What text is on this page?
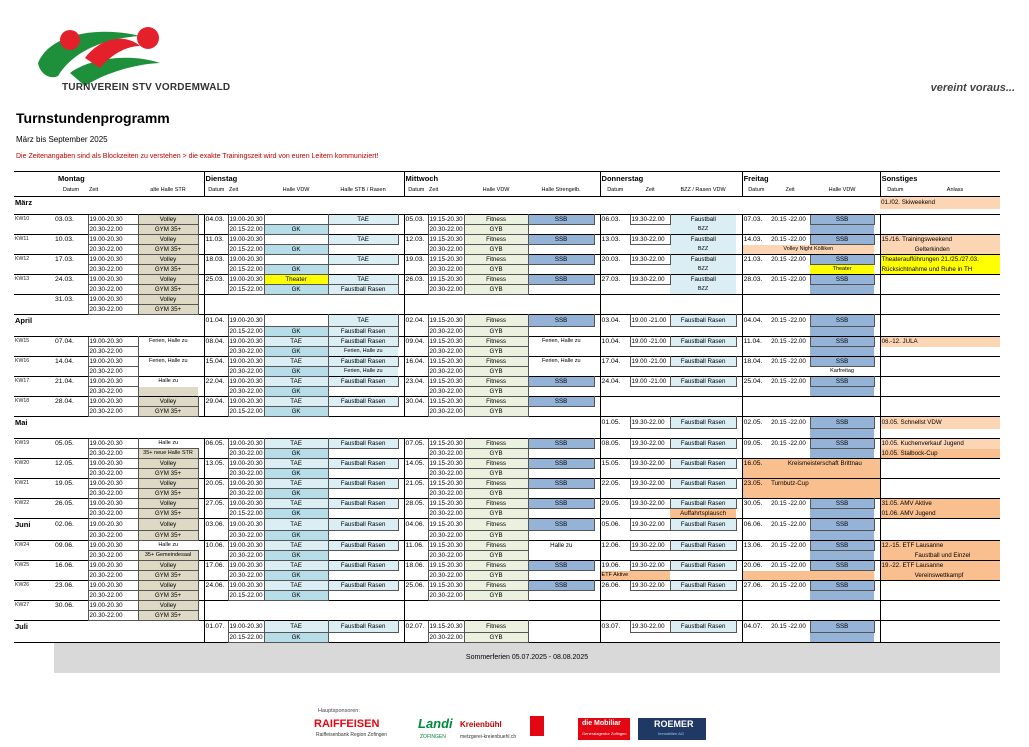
TURNVEREIN STV VORDEMWALD	vereint voraus...
Turnstundenprogramm
März bis September 2025
Die Zeitenangaben sind als Blockzeiten zu verstehen > die exakte Trainingszeit wird von euren Leitern kommuniziert!
Montag					Dienstag					Mittwoch					Donnerstag				Freitag				Sonstiges	
	Datum	Zeit	alte Halle STR		Datum	Zeit	Halle VDW	Halle STB / Rasen		Datum	Zeit	Halle VDW	Halle Strengelb.		Datum	Zeit	BZZ / Rasen VDW		Datum	Zeit	Halle VDW		Datum	Anlass
März																							01./02. Skiweekend	

KW10	03.03.	19.00-20.30	Volley		04.03.	19.00-20.30		TAE		05.03.	19.15-20.30	Fitness	SSB		06.03.	19.30-22.00	Faustball		07.03.	20.15 -22.00	SSB			
		20.30-22.00	GYM 35+			20.15-22.00	GK				20.30-22.00	GYB					BZZ							
KW11	10.03.	19.00-20.30	Volley		11.03.	19.00-20.30		TAE		12.03.	19.15-20.30	Fitness	SSB		13.03.	19.30-22.00	Faustball		14.03.	20.15 -22.00	SSB		15./16. Trainingsweekend	
		20.30-22.00	GYM 35+			20.15-22.00	GK				20.30-22.00	GYB					BZZ		Volley Night Kölliken				Gelterkinden	
KW12	17.03.	19.00-20.30	Volley		18.03.	19.00-20.30		TAE		19.03.	19.15-20.30	Fitness	SSB		20.03.	19.30-22.00	Faustball		21.03.	20.15 -22.00	SSB		Theateraufführungen 21./25./27.03.	
		20.30-22.00	GYM 35+			20.15-22.00	GK				20.30-22.00	GYB					BZZ				Theater		Rücksichtnahme und Ruhe in TH	
KW13	24.03.	19.00-20.30	Volley		25.03.	19.00-20.30	Theater	TAE		26.03.	19.15-20.30	Fitness	SSB		27.03.	19.30-22.00	Faustball		28.03.	20.15 -22.00	SSB			
		20.30-22.00	GYM 35+			20.15-22.00	GK	Faustball Rasen			20.30-22.00	GYB					BZZ							
	31.03.	19.00-20.30	Volley																					
		20.30-22.00	GYM 35+																					
April					01.04.	19.00-20.30		TAE		02.04.	19.15-20.30	Fitness	SSB		03.04.	19.00 -21.00	Faustball Rasen		04.04.	20.15 -22.00	SSB			
						20.15-22.00	GK	Faustball Rasen			20.30-22.00	GYB												
KW15	07.04.	19.00-20.30	Ferien, Halle zu		08.04.	19.00-20.30	TAE	Faustball Rasen		09.04.	19.15-20.30	Fitness	Ferien, Halle zu		10.04.	19.00 -21.00	Faustball Rasen		11.04.	20.15 -22.00	SSB		06.-12. JULA	
		20.30-22.00				20.30-22.00	GK	Ferien, Halle zu			20.30-22.00	GYB												
KW16	14.04.	19.00-20.30	Ferien, Halle zu		15.04.	19.00-20.30	TAE	Faustball Rasen		16.04.	19.15-20.30	Fitness	Ferien, Halle zu		17.04.	19.00 -21.00	Faustball Rasen		18.04.	20.15 -22.00	SSB			
		20.30-22.00				20.30-22.00	GK	Ferien, Halle zu			20.30-22.00	GYB									Karfreitag			
KW17	21.04.	19.00-20.30	Halle zu		22.04.	19.00-20.30	TAE	Faustball Rasen		23.04.	19.15-20.30	Fitness	SSB		24.04.	19.00 -21.00	Faustball Rasen		25.04.	20.15 -22.00	SSB			
		20.30-22.00				20.30-22.00	GK				20.30-22.00	GYB												
KW18	28.04.	19.00-20.30	Volley		29.04.	19.00-20.30	TAE	Faustball Rasen		30.04.	19.15-20.30	Fitness	SSB											
		20.30-22.00	GYM 35+			20.15-22.00	GK				20.30-22.00	GYB												
Mai															01.05.	19.30-22.00	Faustball Rasen		02.05.	20.15 -22.00	SSB		03.05. Schnellst VDW	

KW19	05.05.	19.00-20.30	Halle zu		06.05.	19.00-20.30	TAE	Faustball Rasen		07.05.	19.15-20.30	Fitness	SSB		08.05.	19.30-22.00	Faustball Rasen		09.05.	20.15 -22.00	SSB		10.05. Kuchenverkauf Jugend	
		20.30-22.00	35+ neue Halle STR			20.30-22.00	GK				20.30-22.00	GYB											10.05. Stalbock-Cup	
KW20	12.05.	19.00-20.30	Volley		13.05.	19.00-20.30	TAE	Faustball Rasen		14.05.	19.15-20.30	Fitness	SSB		15.05.	19.30-22.00	Faustball Rasen		16.05.	Kreismeisterschaft Brittnau				
		20.30-22.00	GYM 35+			20.30-22.00	GK				20.30-22.00	GYB												
KW21	19.05.	19.00-20.30	Volley		20.05.	19.00-20.30	TAE	Faustball Rasen		21.05.	19.15-20.30	Fitness	SSB		22.05.	19.30-22.00	Faustball Rasen		23.05.	Turnbutz-Cup				
		20.30-22.00	GYM 35+			20.30-22.00	GK				20.30-22.00	GYB												
KW22	26.05.	19.00-20.30	Volley		27.05.	19.00-20.30	TAE	Faustball Rasen		28.05.	19.15-20.30	Fitness	SSB		29.05.	19.30-22.00	Faustball Rasen		30.05.	20.15 -22.00	SSB		31.05. AMV Aktive	
		20.30-22.00	GYM 35+			20.15-22.00	GK				20.30-22.00	GYB					Auffahrtsplausch						01.06. AMV Jugend	
Juni	02.06.	19.00-20.30	Volley		03.06.	19.00-20.30	TAE	Faustball Rasen		04.06.	19.15-20.30	Fitness	SSB		05.06.	19.30-22.00	Faustball Rasen		06.06.	20.15 -22.00	SSB			
		20.30-22.00	GYM 35+			20.30-22.00	GK				20.30-22.00	GYB												
KW24	09.06.	19.00-20.30	Halle zu		10.06.	19.00-20.30	TAE	Faustball Rasen		11.06.	19.15-20.30	Fitness	Halle zu		12.06.	19.30-22.00	Faustball Rasen		13.06.	20.15 -22.00	SSB		12.-15. ETF Lausanne	
		20.30-22.00	35+ Gemeindesaal			20.30-22.00	GK				20.30-22.00	GYB											Faustball und Einzel	
KW25	16.06.	19.00-20.30	Volley		17.06.	19.00-20.30	TAE	Faustball Rasen		18.06.	19.15-20.30	Fitness	SSB		19.06.	19.30-22.00	Faustball Rasen		20.06.	20.15 -22.00	SSB		19.-22. ETF Lausanne	
		20.30-22.00	GYM 35+			20.30-22.00	GK				20.30-22.00	GYB			ETF Aktive								Vereinswettkampf	
KW26	23.06.	19.00-20.30	Volley		24.06.	19.00-20.30	TAE	Faustball Rasen		25.06.	19.15-20.30	Fitness	SSB		26.06.	19.30-22.00	Faustball Rasen		27.06.	20.15 -22.00	SSB			
		20.30-22.00	GYM 35+			20.15-22.00	GK				20.30-22.00	GYB												
KW27	30.06.	19.00-20.30	Volley																					
		20.30-22.00	GYM 35+																					
Juli					01.07.	19.00-20.30	TAE	Faustball Rasen		02.07.	19.15-20.30	Fitness			03.07.	19.30-22.00	Faustball Rasen		04.07.	20.15 -22.00	SSB			
						20.15-22.00	GK				20.30-22.00	GYB												
	Sommerferien 05.07.2025 - 08.08.2025																							
Hauptsponsoren:
RAIFFEISEN
Raiffeisenbank Region Zofingen
Landi
ZOFINGEN
Kreienbühl
metzgerei-kreienbuehl.ch
die Mobiliar
Generalagentur Zofingen
ROEMER
Immobilien AG
